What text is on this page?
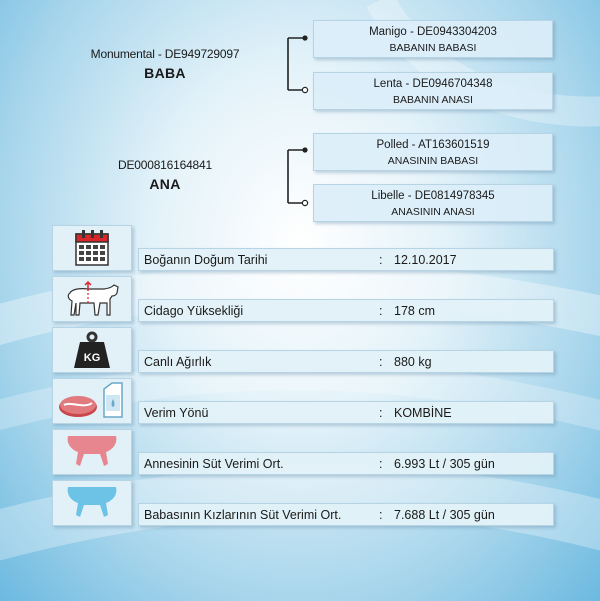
Monumental - DE949729097
BABA
DE000816164841
ANA
Manigo - DE0943304203
BABANIN BABASI
Lenta - DE0946704348
BABANIN ANASI
Polled - AT163601519
ANASININ BABASI
Libelle - DE0814978345
ANASININ ANASI
Boğanın Doğum Tarihi	: 12.10.2017
Cidago Yüksekliği	: 178 cm
KG	Canlı Ağırlık	: 880 kg
Verim Yönü	: KOMBİNE
Annesinin Süt Verimi Ort.	: 6.993 Lt / 305 gün
Babasının Kızlarının Süt Verimi Ort.	: 7.688 Lt / 305 gün
